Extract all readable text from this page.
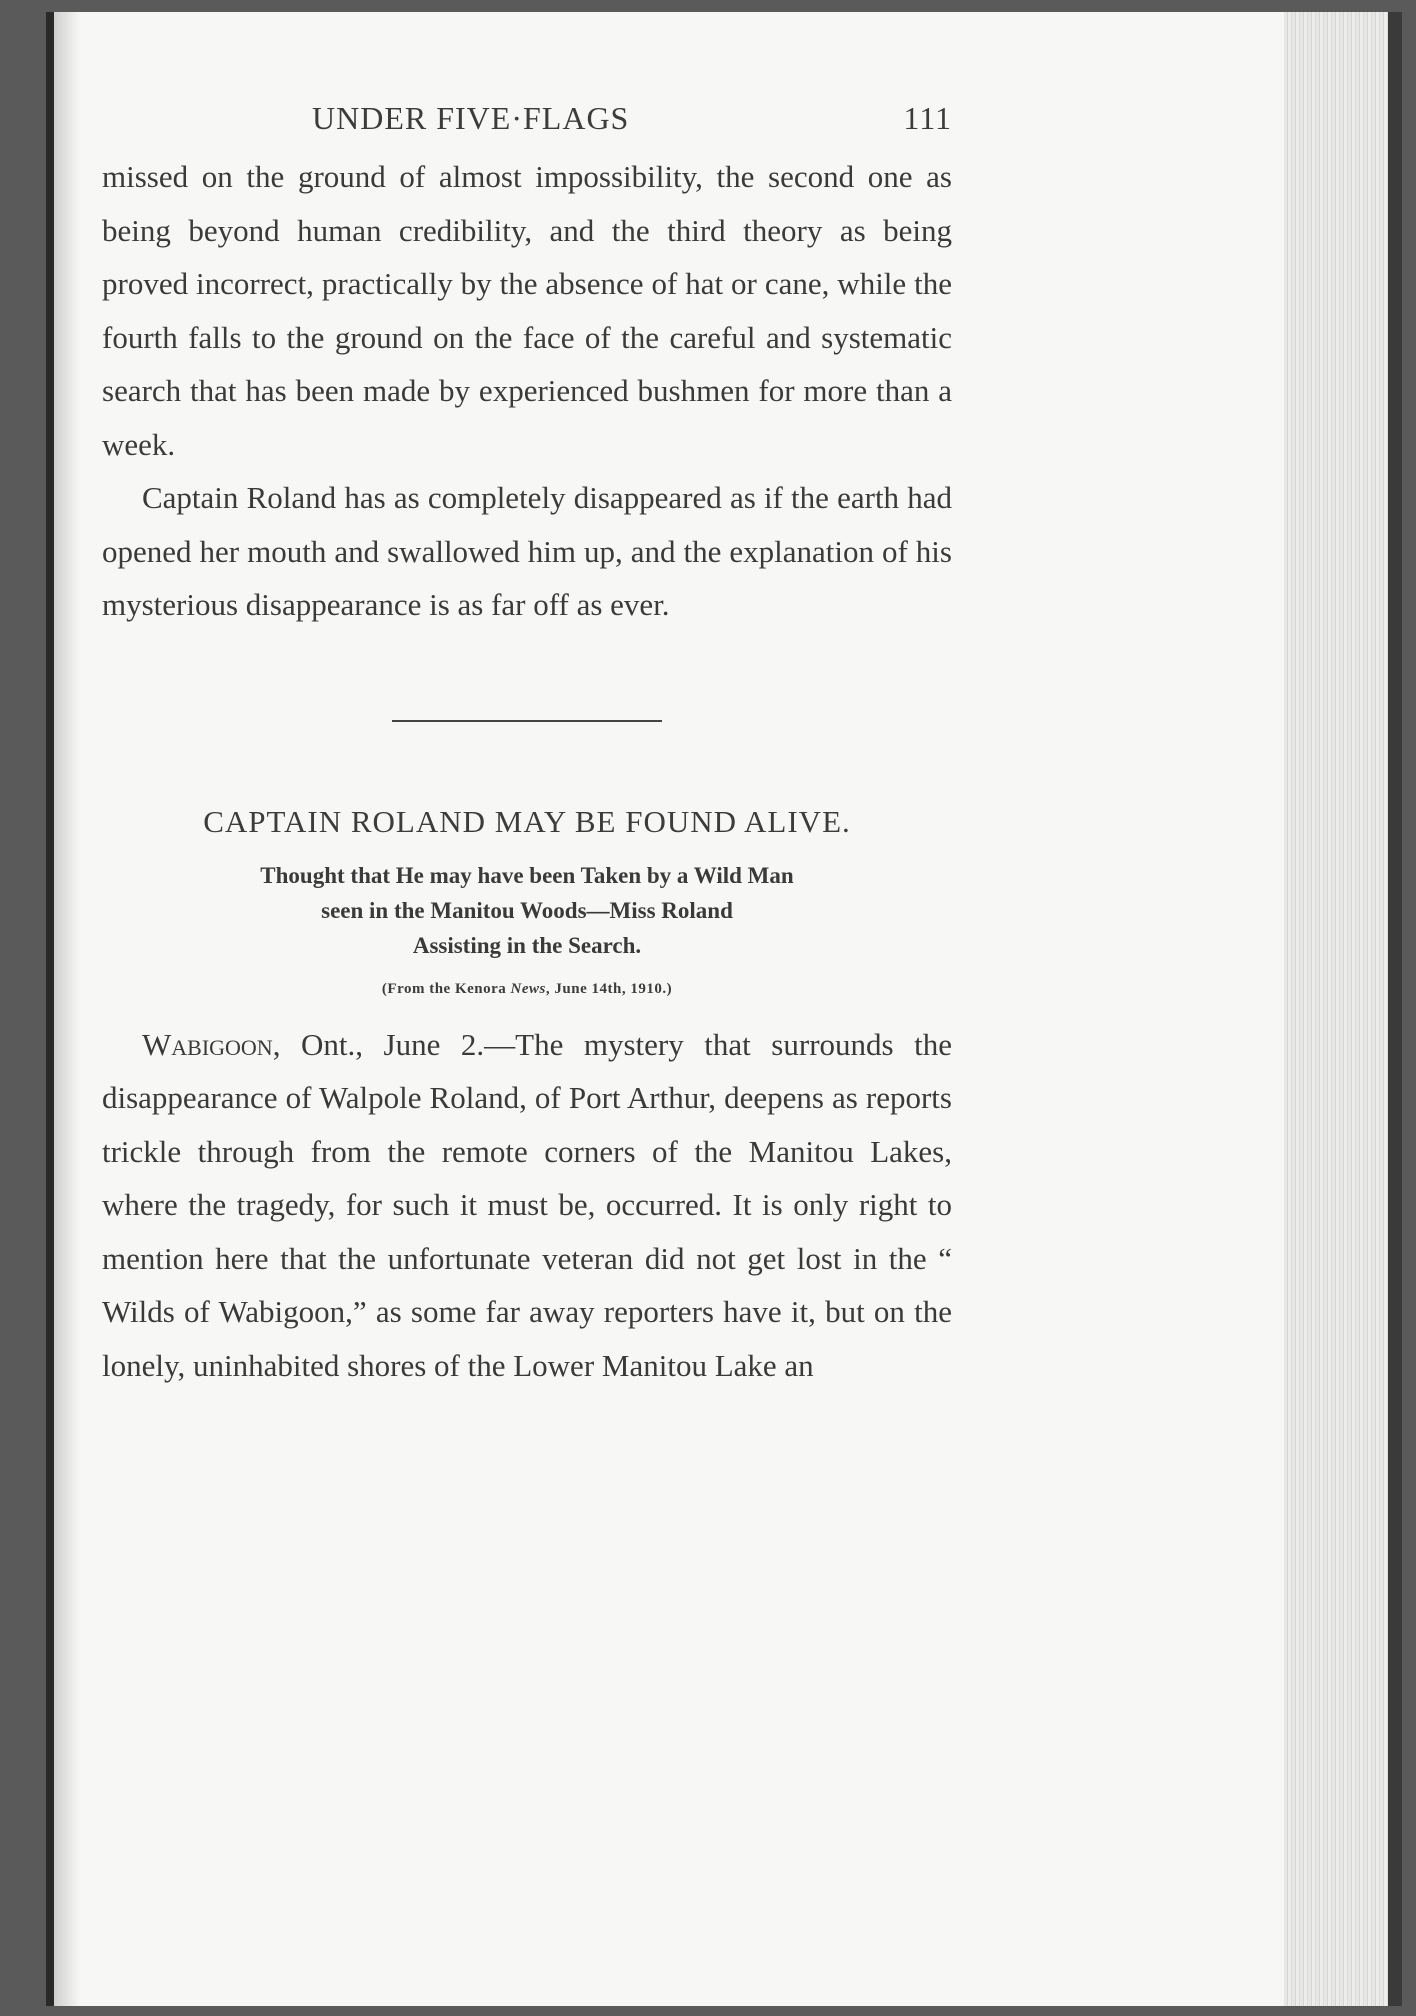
UNDER FIVE·FLAGS	111

missed on the ground of almost impossibility, the second one as being beyond human credibility, and the third theory as being proved incorrect, practically by the absence of hat or cane, while the fourth falls to the ground on the face of the careful and systematic search that has been made by experienced bushmen for more than a week.

Captain Roland has as completely disappeared as if the earth had opened her mouth and swallowed him up, and the explanation of his mysterious disappearance is as far off as ever.

CAPTAIN ROLAND MAY BE FOUND ALIVE.
Thought that He may have been Taken by a Wild Man
seen in the Manitou Woods—Miss Roland
Assisting in the Search.
(From the Kenora News, June 14th, 1910.)

Wabigoon, Ont., June 2.—The mystery that surrounds the disappearance of Walpole Roland, of Port Arthur, deepens as reports trickle through from the remote corners of the Manitou Lakes, where the tragedy, for such it must be, occurred. It is only right to mention here that the unfortunate veteran did not get lost in the “ Wilds of Wabigoon,” as some far away reporters have it, but on the lonely, uninhabited shores of the Lower Manitou Lake an
